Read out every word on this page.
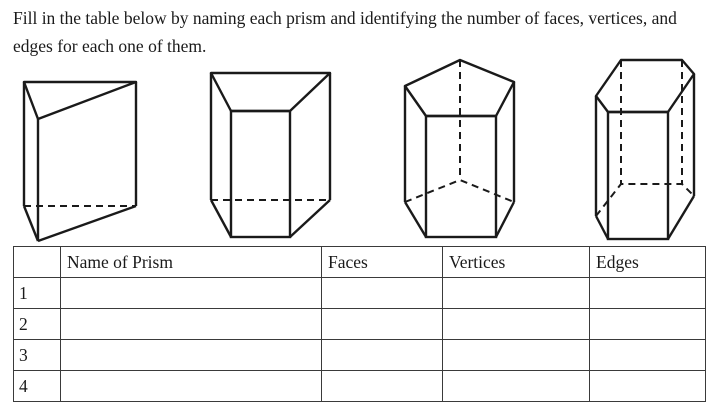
Fill in the table below by naming each prism and identifying the number of faces, vertices, and edges for each one of them.

	Name of Prism	Faces	Vertices	Edges
1				
2				
3				
4				
